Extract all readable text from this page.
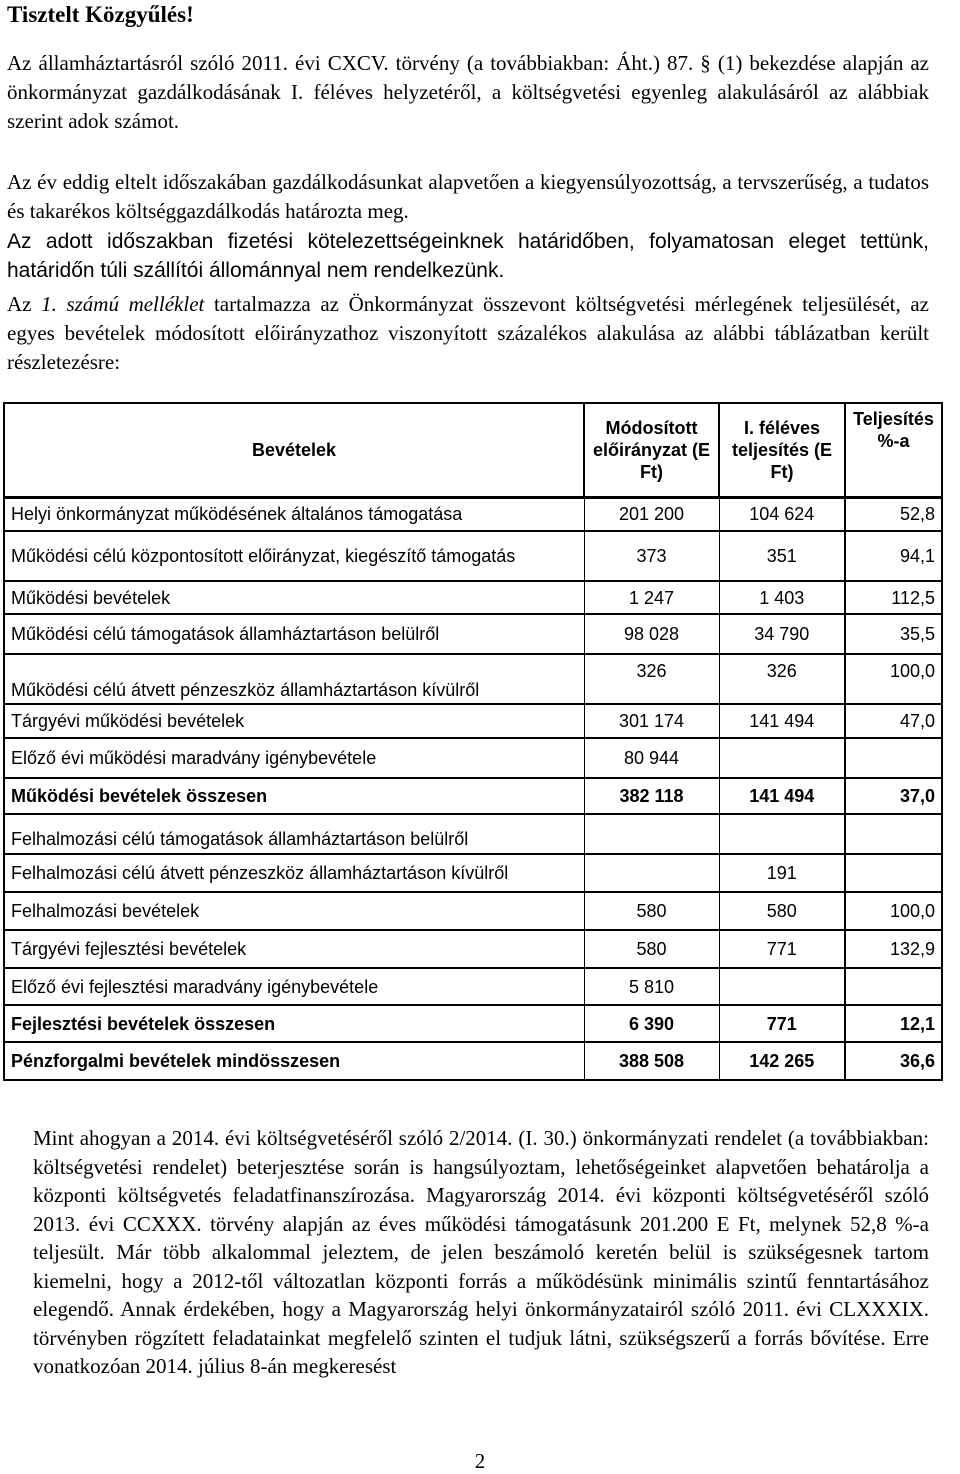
Tisztelt Közgyűlés!
Az államháztartásról szóló 2011. évi CXCV. törvény (a továbbiakban: Áht.) 87. § (1) bekezdése alapján az önkormányzat gazdálkodásának I. féléves helyzetéről, a költségvetési egyenleg alakulásáról az alábbiak szerint adok számot.
Az év eddig eltelt időszakában gazdálkodásunkat alapvetően a kiegyensúlyozottság, a tervszerűség, a tudatos és takarékos költséggazdálkodás határozta meg.
Az adott időszakban fizetési kötelezettségeinknek határidőben, folyamatosan eleget tettünk, határidőn túli szállítói állománnyal nem rendelkezünk.
Az 1. számú melléklet tartalmazza az Önkormányzat összevont költségvetési mérlegének teljesülését, az egyes bevételek módosított előirányzathoz viszonyított százalékos alakulása az alábbi táblázatban került részletezésre:
Bevételek	Módosított előirányzat (E Ft)	I. féléves teljesítés (E Ft)	Teljesítés %-a
Helyi önkormányzat működésének általános támogatása	201 200	104 624	52,8
Működési célú központosított előirányzat, kiegészítő támogatás	373	351	94,1
Működési bevételek	1 247	1 403	112,5
Működési célú támogatások államháztartáson belülről	98 028	34 790	35,5
Működési célú átvett pénzeszköz államháztartáson kívülről	326	326	100,0
Tárgyévi működési bevételek	301 174	141 494	47,0
Előző évi működési maradvány igénybevétele	80 944		
Működési bevételek összesen	382 118	141 494	37,0
Felhalmozási célú támogatások államháztartáson belülről			
Felhalmozási célú átvett pénzeszköz államháztartáson kívülről		191	
Felhalmozási bevételek	580	580	100,0
Tárgyévi fejlesztési bevételek	580	771	132,9
Előző évi fejlesztési maradvány igénybevétele	5 810		
Fejlesztési bevételek összesen	6 390	771	12,1
Pénzforgalmi bevételek mindösszesen	388 508	142 265	36,6
Mint ahogyan a 2014. évi költségvetéséről szóló 2/2014. (I. 30.) önkormányzati rendelet (a továbbiakban: költségvetési rendelet) beterjesztése során is hangsúlyoztam, lehetőségeinket alapvetően behatárolja a központi költségvetés feladatfinanszírozása. Magyarország 2014. évi központi költségvetéséről szóló 2013. évi CCXXX. törvény alapján az éves működési támogatásunk 201.200 E Ft, melynek 52,8 %-a teljesült. Már több alkalommal jeleztem, de jelen beszámoló keretén belül is szükségesnek tartom kiemelni, hogy a 2012-től változatlan központi forrás a működésünk minimális szintű fenntartásához elegendő. Annak érdekében, hogy a Magyarország helyi önkormányzatairól szóló 2011. évi CLXXXIX. törvényben rögzített feladatainkat megfelelő szinten el tudjuk látni, szükségszerű a forrás bővítése. Erre vonatkozóan 2014. július 8-án megkeresést
2
